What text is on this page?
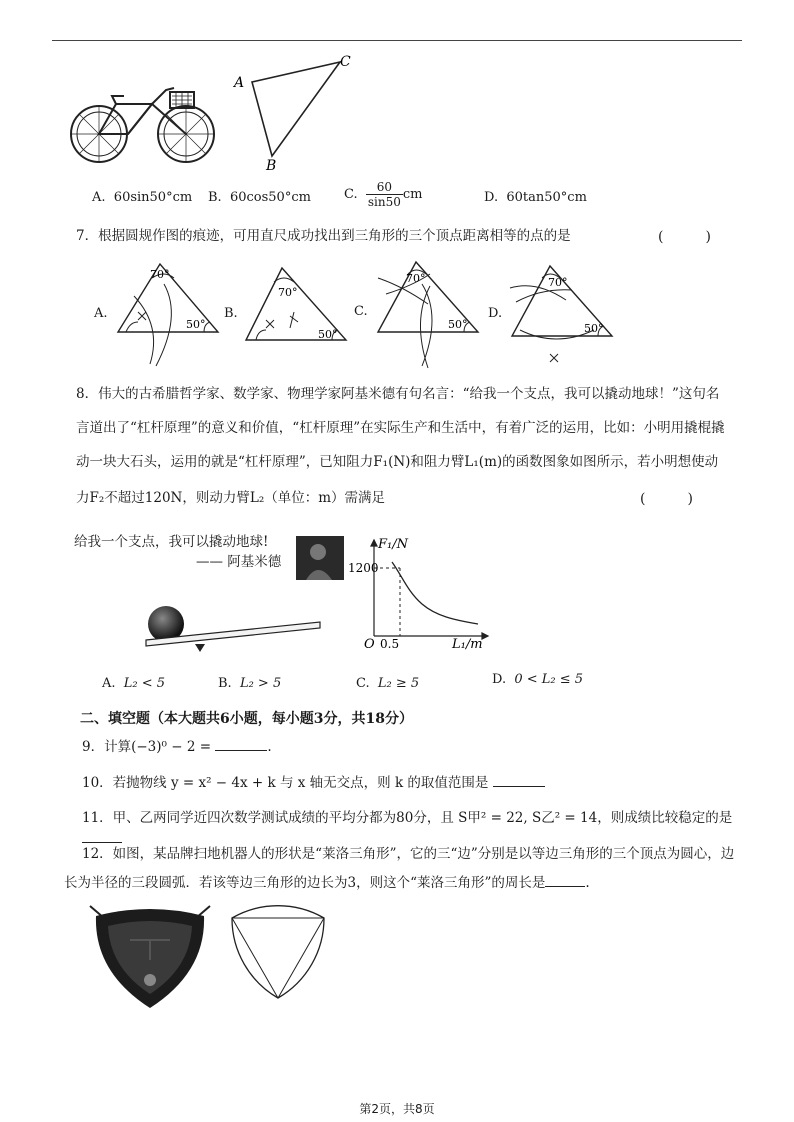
A
C
B
A. 60sin50°cm B. 60cos50°cm	C. $\frac{60}{\sin 50}$ cm	D. 60tan50°cm
7．根据圆规作图的痕迹，可用直尺成功找出到三角形的三个顶点距离相等的点的是	(　　　)
A.
70°
50°
B.
70°
50°
C.
70°
50°
D.
70°
50°
8．伟大的古希腊哲学家、数学家、物理学家阿基米德有句名言：“给我一个支点，我可以撬动地球！”这句名
言道出了“杠杆原理”的意义和价值，“杠杆原理”在实际生产和生活中，有着广泛的运用，比如：小明用撬棍撬
动一块大石头，运用的就是“杠杆原理”，已知阻力F₁(N)和阻力臂L₁(m)的函数图象如图所示，若小明想使动
力F₂不超过120N，则动力臂L₂（单位：m）需满足	(　　　)
给我一个支点，我可以撬动地球!
—— 阿基米德
F₁/N
1200
O 0.5	L₁/m
A. L₂ < 5	B. L₂ > 5	C. L₂ ≥ 5	D. 0 < L₂ ≤ 5
二、填空题（本大题共6小题，每小题3分，共18分）
9．计算(−3)⁰ − 2 =	.
10．若抛物线 y = x² − 4x + k 与 x 轴无交点，则 k 的取值范围是
11．甲、乙两同学近四次数学测试成绩的平均分都为80分，且 S甲² = 22, S乙² = 14，则成绩比较稳定的是
12．如图，某品牌扫地机器人的形状是“莱洛三角形”，它的三“边”分别是以等边三角形的三个顶点为圆心，边
长为半径的三段圆弧．若该等边三角形的边长为3，则这个“莱洛三角形”的周长是	.
第2页，共8页
